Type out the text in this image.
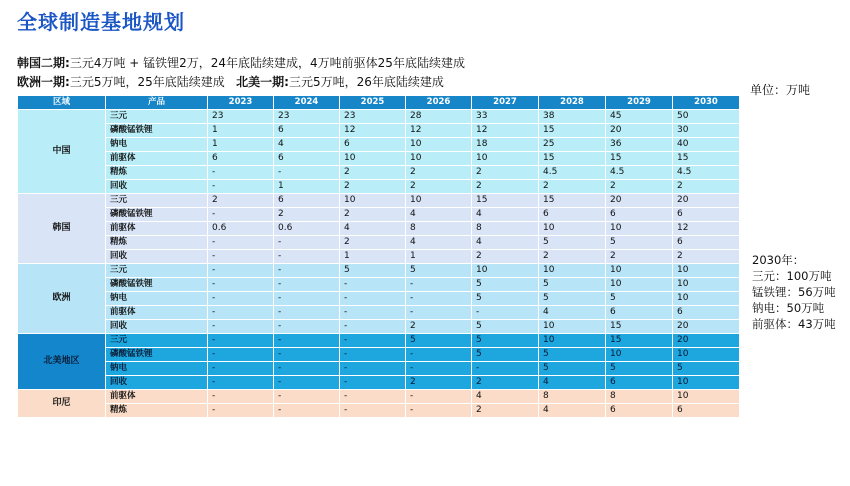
全球制造基地规划
韩国二期:三元4万吨 + 锰铁锂2万，24年底陆续建成，4万吨前驱体25年底陆续建成
欧洲一期:三元5万吨，25年底陆续建成 北美一期:三元5万吨，26年底陆续建成
单位：万吨
2030年：
三元：100万吨
锰铁锂：56万吨
钠电：50万吨
前驱体：43万吨
区域	产品	2023	2024	2025	2026	2027	2028	2029	2030
中国	三元	23	23	23	28	33	38	45	50
	磷酸锰铁锂	1	6	12	12	12	15	20	30
	钠电	1	4	6	10	18	25	36	40
	前驱体	6	6	10	10	10	15	15	15
	精炼	-	-	2	2	2	4.5	4.5	4.5
	回收	-	1	2	2	2	2	2	2
韩国	三元	2	6	10	10	15	15	20	20
	磷酸锰铁锂	-	2	2	4	4	6	6	6
	前驱体	0.6	0.6	4	8	8	10	10	12
	精炼	-	-	2	4	4	5	5	6
	回收	-	-	1	1	2	2	2	2
欧洲	三元	-	-	5	5	10	10	10	10
	磷酸锰铁锂	-	-	-	-	5	5	10	10
	钠电	-	-	-	-	5	5	5	10
	前驱体	-	-	-	-	-	4	6	6
	回收	-	-	-	2	5	10	15	20
北美地区	三元	-	-	-	5	5	10	15	20
	磷酸锰铁锂	-	-	-	-	5	5	10	10
	钠电	-	-	-	-	-	5	5	5
	回收	-	-	-	2	2	4	6	10
印尼	前驱体	-	-	-	-	4	8	8	10
	精炼	-	-	-	-	2	4	6	6
